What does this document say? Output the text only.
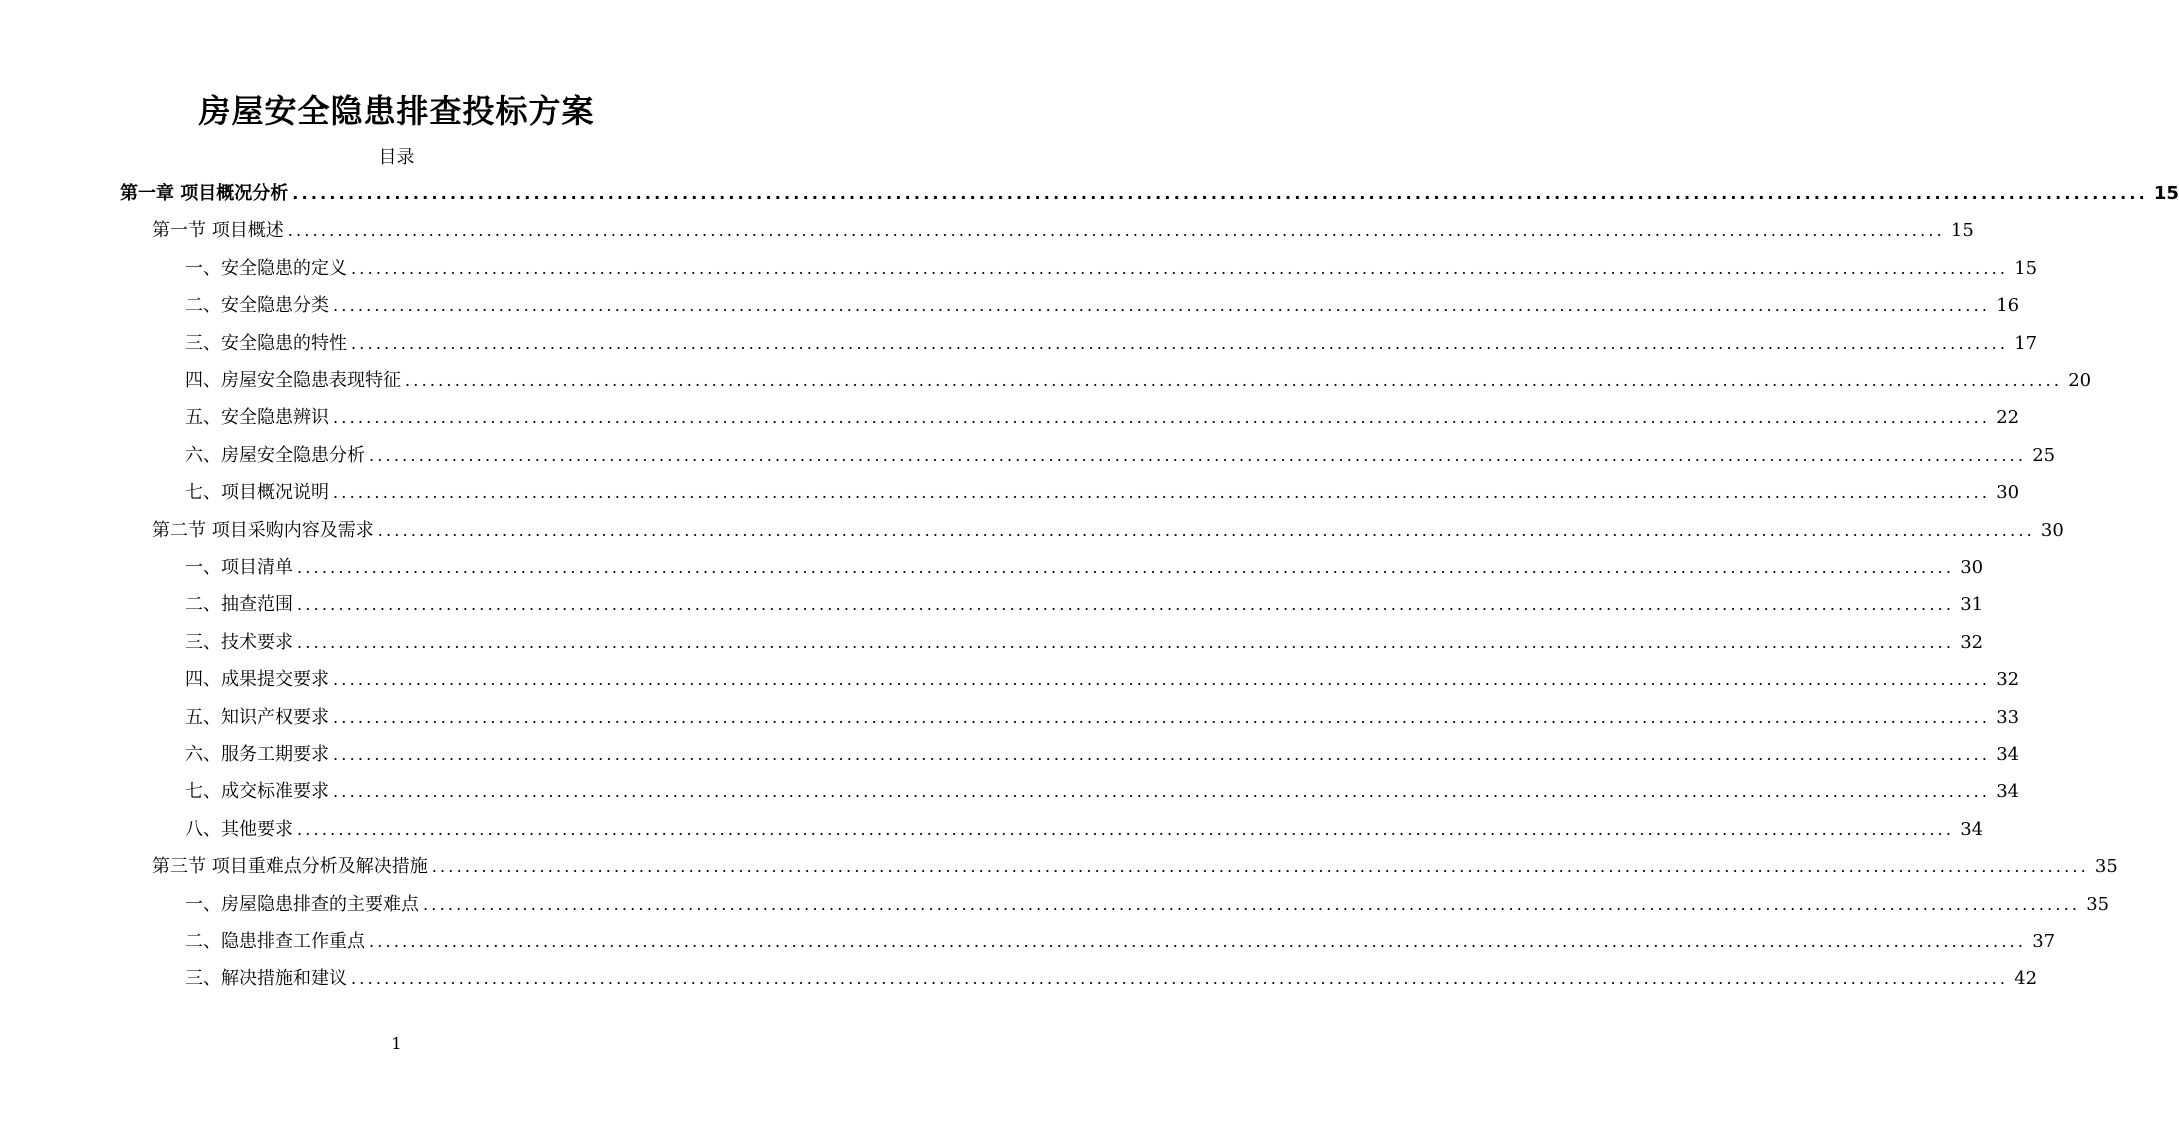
房屋安全隐患排查投标方案
目录
第一章 项目概况分析 ........................................................................................................................................................................................................ 15
第一节 项目概述 ........................................................................................................................................................................................................ 15
一、安全隐患的定义 ........................................................................................................................................................................................................ 15
二、安全隐患分类 ........................................................................................................................................................................................................ 16
三、安全隐患的特性 ........................................................................................................................................................................................................ 17
四、房屋安全隐患表现特征 ........................................................................................................................................................................................................ 20
五、安全隐患辨识 ........................................................................................................................................................................................................ 22
六、房屋安全隐患分析 ........................................................................................................................................................................................................ 25
七、项目概况说明 ........................................................................................................................................................................................................ 30
第二节 项目采购内容及需求 ........................................................................................................................................................................................................ 30
一、项目清单 ........................................................................................................................................................................................................ 30
二、抽查范围 ........................................................................................................................................................................................................ 31
三、技术要求 ........................................................................................................................................................................................................ 32
四、成果提交要求 ........................................................................................................................................................................................................ 32
五、知识产权要求 ........................................................................................................................................................................................................ 33
六、服务工期要求 ........................................................................................................................................................................................................ 34
七、成交标准要求 ........................................................................................................................................................................................................ 34
八、其他要求 ........................................................................................................................................................................................................ 34
第三节 项目重难点分析及解决措施 ........................................................................................................................................................................................................ 35
一、房屋隐患排查的主要难点 ........................................................................................................................................................................................................ 35
二、隐患排查工作重点 ........................................................................................................................................................................................................ 37
三、解决措施和建议 ........................................................................................................................................................................................................ 42
1
